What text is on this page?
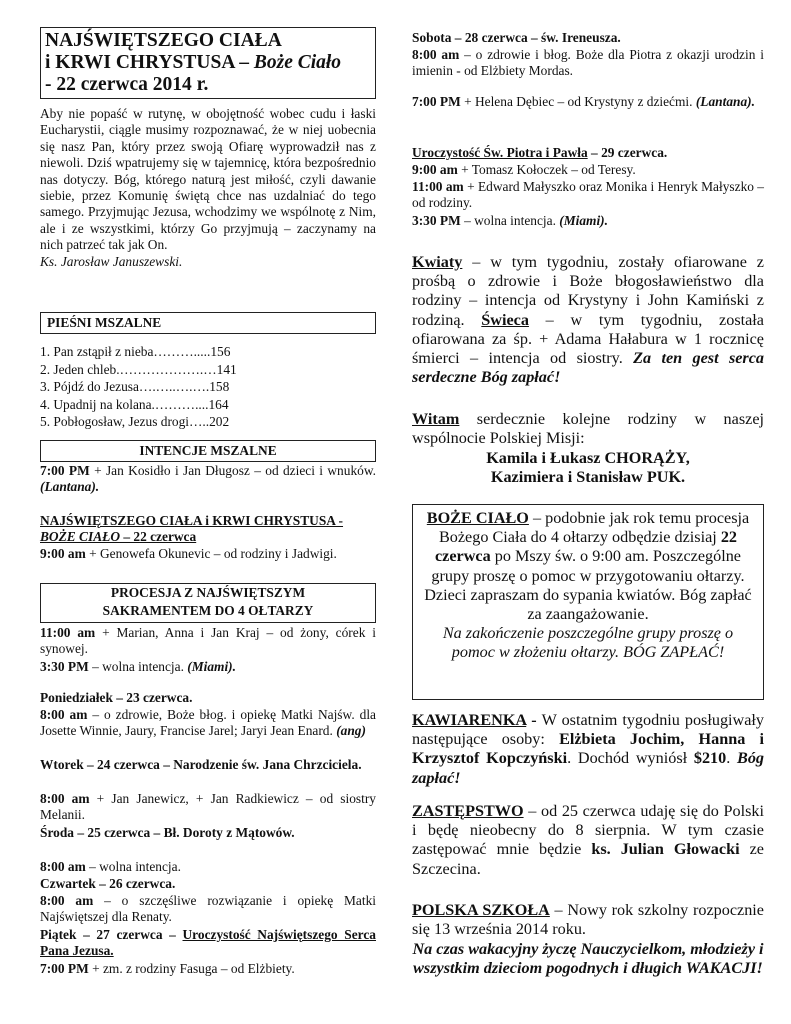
NAJŚWIĘTSZEGO CIAŁA
i KRWI CHRYSTUSA – Boże Ciało
- 22 czerwca 2014 r.
Aby nie popaść w rutynę, w obojętność wobec cudu i łaski Eucharystii, ciągle musimy rozpoznawać, że w niej uobecnia się nasz Pan, który przez swoją Ofiarę wyprowadził nas z niewoli. Dziś wpatrujemy się w tajemnicę, która bezpośrednio nas dotyczy. Bóg, którego naturą jest miłość, czyli dawanie siebie, przez Komunię świętą chce nas uzdalniać do tego samego. Przyjmując Jezusa, wchodzimy we wspólnotę z Nim, ale i ze wszystkimi, którzy Go przyjmują – zaczynamy na nich patrzeć tak jak On.
Ks. Jarosław Januszewski.
PIEŚNI MSZALNE
1. Pan zstąpił z nieba……….....156
2. Jeden chleb.……………….…141
3. Pójdź do Jezusa….…..….….158
4. Upadnij na kolana.………....164
5. Pobłogosław, Jezus drogi…..202
INTENCJE MSZALNE
7:00 PM + Jan Kosidło i Jan Długosz – od dzieci i wnuków. (Lantana).
NAJŚWIĘTSZEGO CIAŁA i KRWI CHRYSTUSA - BOŻE CIAŁO – 22 czerwca
9:00 am + Genowefa Okunevic – od rodziny i Jadwigi.
PROCESJA Z NAJŚWIĘTSZYM
SAKRAMENTEM DO 4 OŁTARZY
11:00 am + Marian, Anna i Jan Kraj – od żony, córek i synowej.
3:30 PM – wolna intencja. (Miami).
Poniedziałek – 23 czerwca.
8:00 am – o zdrowie, Boże błog. i opiekę Matki Najśw. dla Josette Winnie, Jaury, Francise Jarel; Jaryi Jean Enard. (ang)
Wtorek – 24 czerwca – Narodzenie św. Jana Chrzciciela.
8:00 am + Jan Janewicz, + Jan Radkiewicz – od siostry Melanii.
Środa – 25 czerwca – Bł. Doroty z Mątowów.
8:00 am – wolna intencja.
Czwartek – 26 czerwca.
8:00 am – o szczęśliwe rozwiązanie i opiekę Matki Najświętszej dla Renaty.
Piątek – 27 czerwca – Uroczystość Najświętszego Serca Pana Jezusa.
7:00 PM + zm. z rodziny Fasuga – od Elżbiety.
Sobota – 28 czerwca – św. Ireneusza.
8:00 am – o zdrowie i błog. Boże dla Piotra z okazji urodzin i imienin - od Elżbiety Mordas.
7:00 PM + Helena Dębiec – od Krystyny z dziećmi. (Lantana).
Uroczystość Św. Piotra i Pawła – 29 czerwca.
9:00 am + Tomasz Kołoczek – od Teresy.
11:00 am + Edward Małyszko oraz Monika i Henryk Małyszko – od rodziny.
3:30 PM – wolna intencja. (Miami).
Kwiaty – w tym tygodniu, zostały ofiarowane z prośbą o zdrowie i Boże błogosławieństwo dla rodziny – intencja od Krystyny i John Kamiński z rodziną. Świeca – w tym tygodniu, została ofiarowana za śp. + Adama Hałabura w 1 rocznicę śmierci – intencja od siostry. Za ten gest serca serdeczne Bóg zapłać!
Witam serdecznie kolejne rodziny w naszej wspólnocie Polskiej Misji:
Kamila i Łukasz CHORĄŻY,
Kazimiera i Stanisław PUK.
BOŻE CIAŁO – podobnie jak rok temu procesja Bożego Ciała do 4 ołtarzy odbędzie dzisiaj 22 czerwca po Mszy św. o 9:00 am. Poszczególne grupy proszę o pomoc w przygotowaniu ołtarzy. Dzieci zapraszam do sypania kwiatów. Bóg zapłać za zaangażowanie.
Na zakończenie poszczególne grupy proszę o pomoc w złożeniu ołtarzy. BÓG ZAPŁAĆ!
KAWIARENKA - W ostatnim tygodniu posługiwały następujące osoby: Elżbieta Jochim, Hanna i Krzysztof Kopczyński. Dochód wyniósł $210. Bóg zapłać!
ZASTĘPSTWO – od 25 czerwca udaję się do Polski i będę nieobecny do 8 sierpnia. W tym czasie zastępować mnie będzie ks. Julian Głowacki ze Szczecina.
POLSKA SZKOŁA – Nowy rok szkolny rozpocznie się 13 września 2014 roku.
Na czas wakacyjny życzę Nauczycielkom, młodzieży i wszystkim dzieciom pogodnych i długich WAKACJI!
